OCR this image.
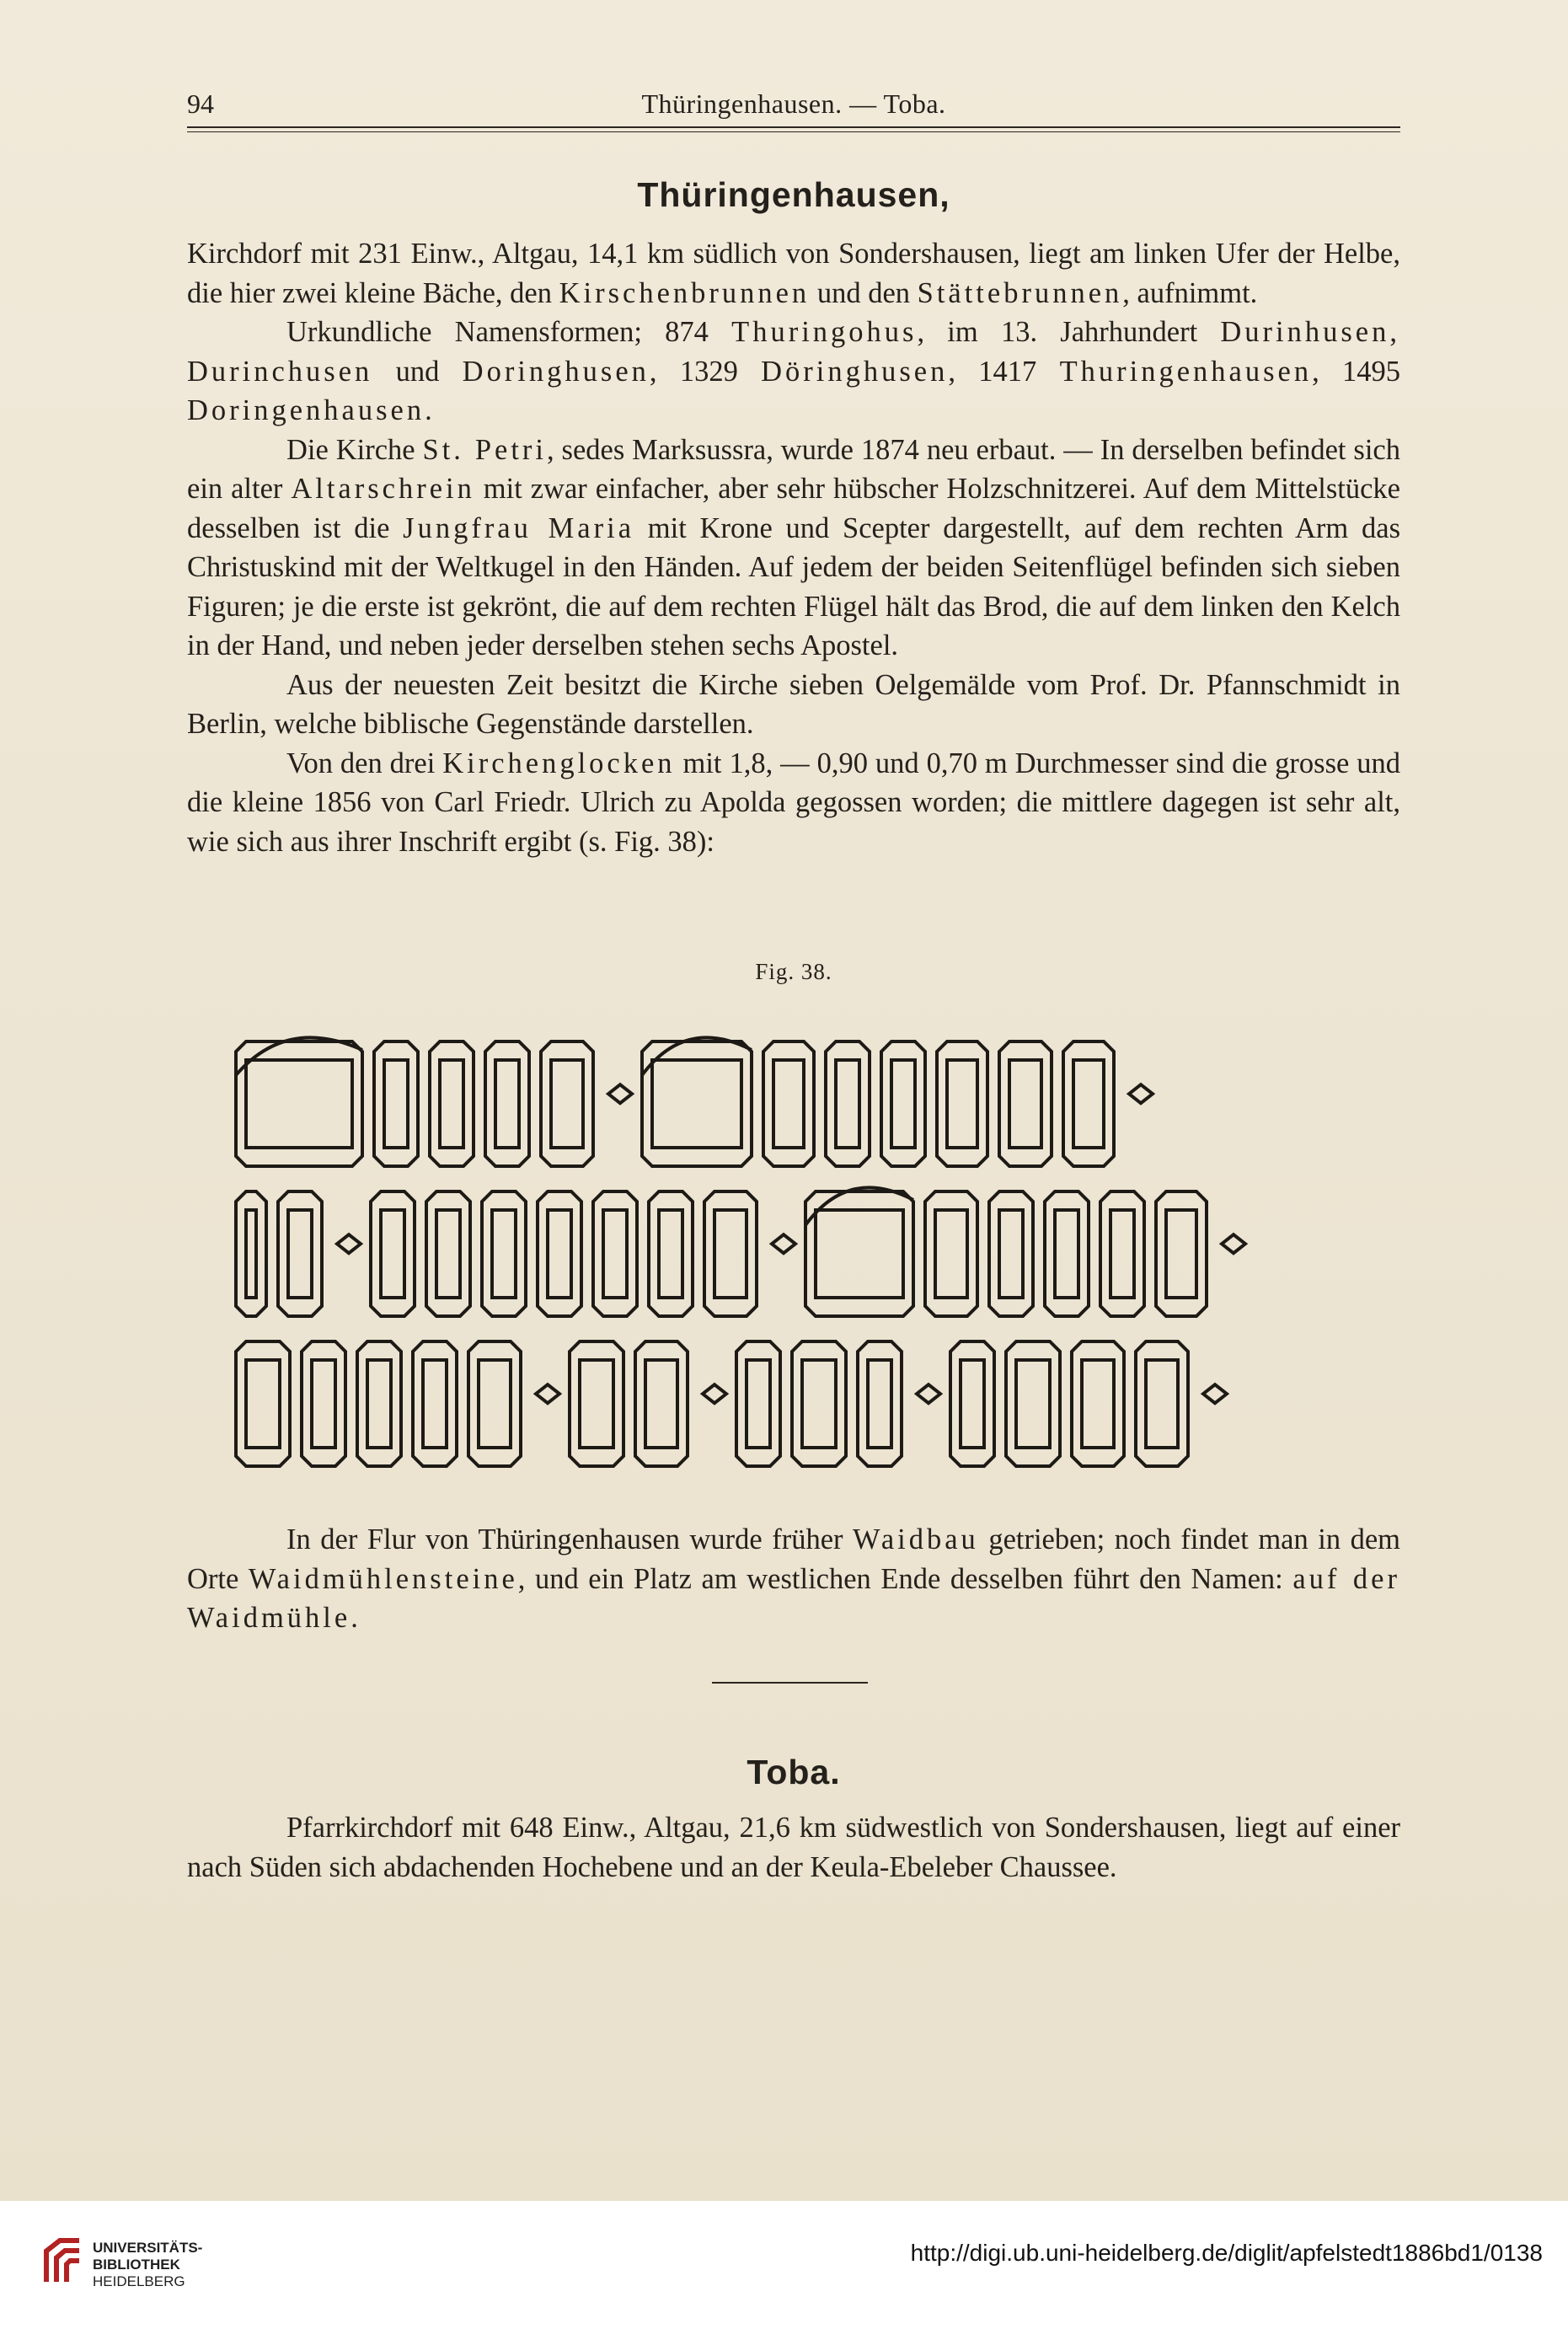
94	Thüringenhausen. — Toba.
Thüringenhausen,

Kirchdorf mit 231 Einw., Altgau, 14,1 km südlich von Sondershausen, liegt am linken Ufer der Helbe, die hier zwei kleine Bäche, den Kirschenbrunnen und den Stättebrunnen, aufnimmt.

Urkundliche Namensformen; 874 Thuringohus, im 13. Jahrhundert Durinhusen, Durinchusen und Doringhusen, 1329 Döringhusen, 1417 Thuringenhausen, 1495 Doringenhausen.

Die Kirche St. Petri, sedes Marksussra, wurde 1874 neu erbaut. — In derselben befindet sich ein alter Altarschrein mit zwar einfacher, aber sehr hübscher Holzschnitzerei. Auf dem Mittelstücke desselben ist die Jungfrau Maria mit Krone und Scepter dargestellt, auf dem rechten Arm das Christuskind mit der Weltkugel in den Händen. Auf jedem der beiden Seitenflügel befinden sich sieben Figuren; je die erste ist gekrönt, die auf dem rechten Flügel hält das Brod, die auf dem linken den Kelch in der Hand, und neben jeder derselben stehen sechs Apostel.

Aus der neuesten Zeit besitzt die Kirche sieben Oelgemälde vom Prof. Dr. Pfannschmidt in Berlin, welche biblische Gegenstände darstellen.

Von den drei Kirchenglocken mit 1,8, — 0,90 und 0,70 m Durchmesser sind die grosse und die kleine 1856 von Carl Friedr. Ulrich zu Apolda gegossen worden; die mittlere dagegen ist sehr alt, wie sich aus ihrer Inschrift ergibt (s. Fig. 38):

Fig. 38.

In der Flur von Thüringenhausen wurde früher Waidbau getrieben; noch findet man in dem Orte Waidmühlensteine, und ein Platz am westlichen Ende desselben führt den Namen: auf der Waidmühle.

Toba.

Pfarrkirchdorf mit 648 Einw., Altgau, 21,6 km südwestlich von Sondershausen, liegt auf einer nach Süden sich abdachenden Hochebene und an der Keula-Ebeleber Chaussee.

UNIVERSITÄTS-
BIBLIOTHEK
HEIDELBERG
http://digi.ub.uni-heidelberg.de/diglit/apfelstedt1886bd1/0138
